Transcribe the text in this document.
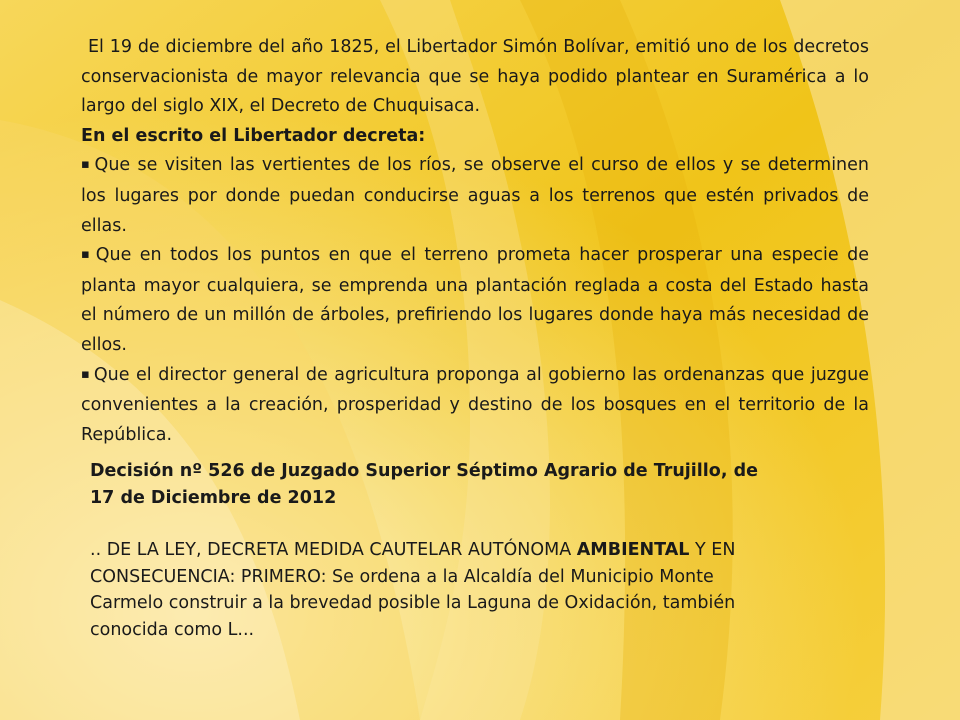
El 19 de diciembre del año 1825, el Libertador Simón Bolívar, emitió uno de los decretos conservacionista de mayor relevancia que se haya podido plantear en Suramérica a lo largo del siglo XIX, el Decreto de Chuquisaca.

En el escrito el Libertador decreta:

▪ Que se visiten las vertientes de los ríos, se observe el curso de ellos y se determinen los lugares por donde puedan conducirse aguas a los terrenos que estén privados de ellas.

▪ Que en todos los puntos en que el terreno prometa hacer prosperar una especie de planta mayor cualquiera, se emprenda una plantación reglada a costa del Estado hasta el número de un millón de árboles, prefiriendo los lugares donde haya más necesidad de ellos.

▪ Que el director general de agricultura proponga al gobierno las ordenanzas que juzgue convenientes a la creación, prosperidad y destino de los bosques en el territorio de la República.

Decisión nº 526 de Juzgado Superior Séptimo Agrario de Trujillo, de 17 de Diciembre de 2012

.. DE LA LEY, DECRETA MEDIDA CAUTELAR AUTÓNOMA AMBIENTAL Y EN CONSECUENCIA: PRIMERO: Se ordena a la Alcaldía del Municipio Monte Carmelo construir a la brevedad posible la Laguna de Oxidación, también conocida como L...
